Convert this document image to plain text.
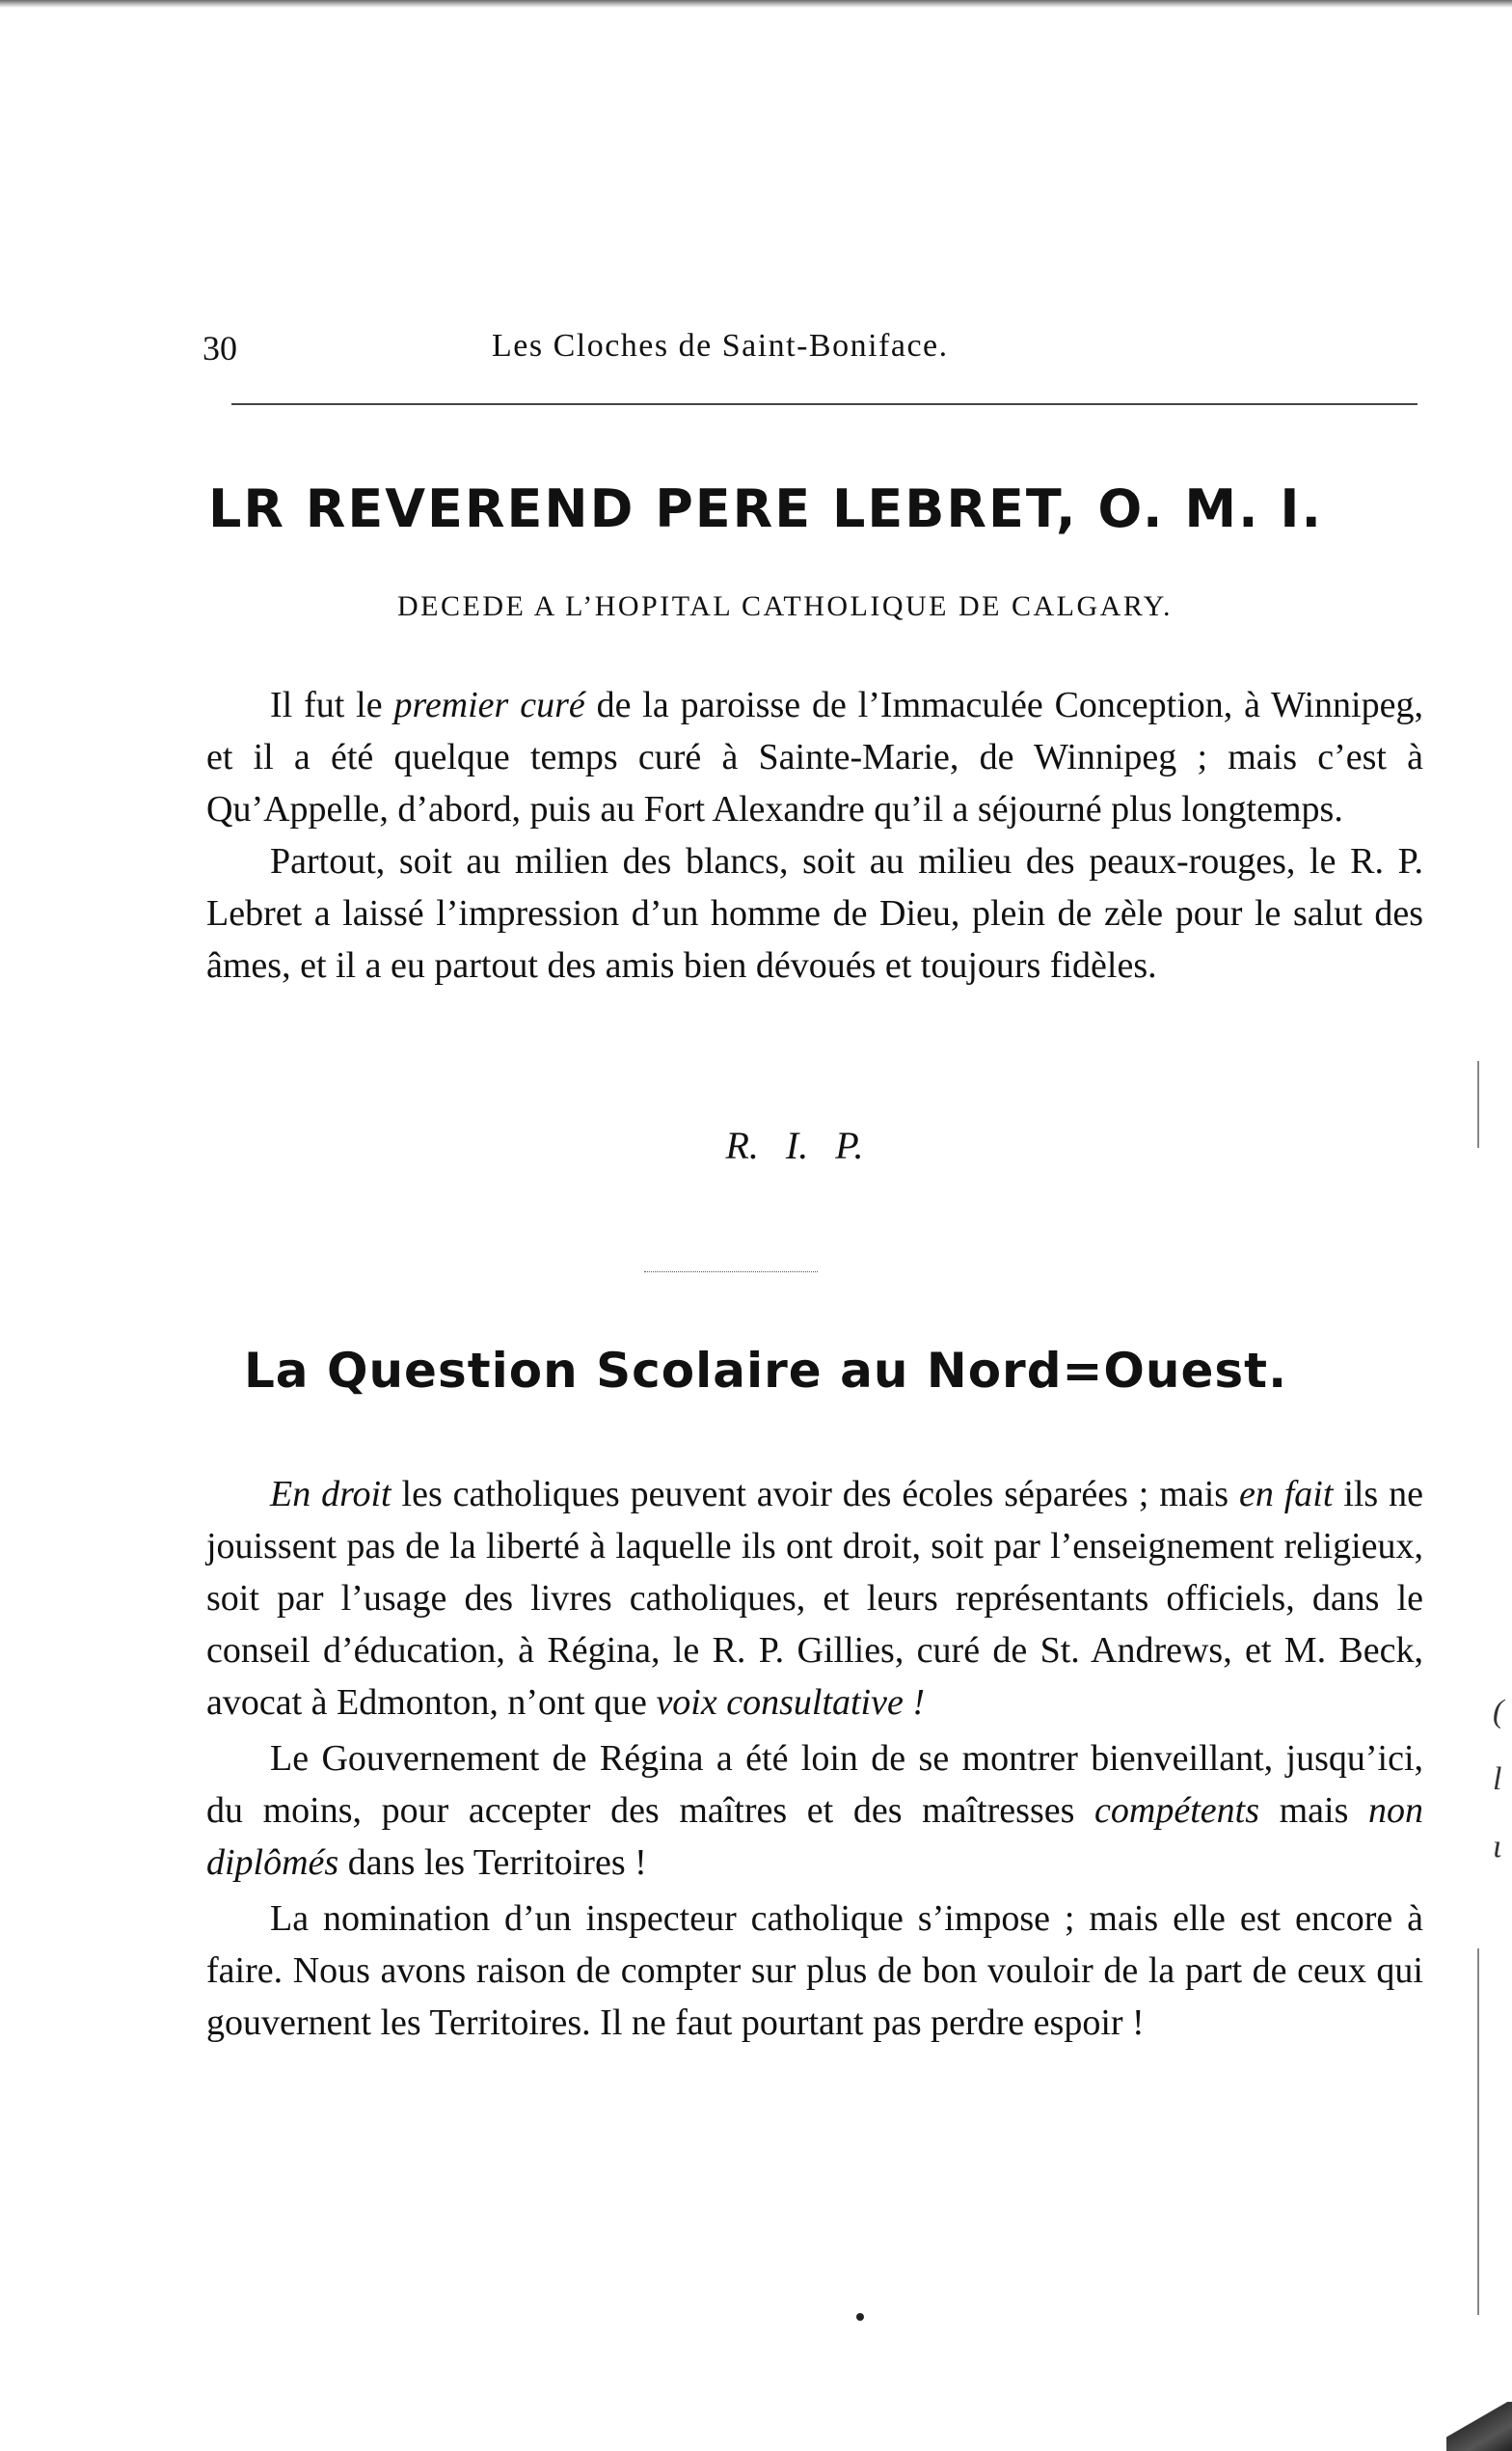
30	Les Cloches de Saint-Boniface.
LR REVEREND PERE LEBRET, O. M. I.
DECEDE A L’HOPITAL CATHOLIQUE DE CALGARY.

Il fut le premier curé de la paroisse de l’Immaculée Conception, à Winnipeg, et il a été quelque temps curé à Sainte-Marie, de Winnipeg ; mais c’est à Qu’Appelle, d’abord, puis au Fort Alexandre qu’il a séjourné plus longtemps.

Partout, soit au milien des blancs, soit au milieu des peaux-rouges, le R. P. Lebret a laissé l’impression d’un homme de Dieu, plein de zèle pour le salut des âmes, et il a eu partout des amis bien dévoués et toujours fidèles.

R. I. P.
La Question Scolaire au Nord=Ouest.

En droit les catholiques peuvent avoir des écoles séparées ; mais en fait ils ne jouissent pas de la liberté à laquelle ils ont droit, soit par l’enseignement religieux, soit par l’usage des livres catholiques, et leurs représentants officiels, dans le conseil d’éducation, à Régina, le R. P. Gillies, curé de St. Andrews, et M. Beck, avocat à Edmonton, n’ont que voix consultative !

Le Gouvernement de Régina a été loin de se montrer bienveillant, jusqu’ici, du moins, pour accepter des maîtres et des maîtresses compétents mais non diplômés dans les Territoires !

La nomination d’un inspecteur catholique s’impose ; mais elle est encore à faire. Nous avons raison de compter sur plus de bon vouloir de la part de ceux qui gouvernent les Territoires. Il ne faut pourtant pas perdre espoir !

(
l
ι
